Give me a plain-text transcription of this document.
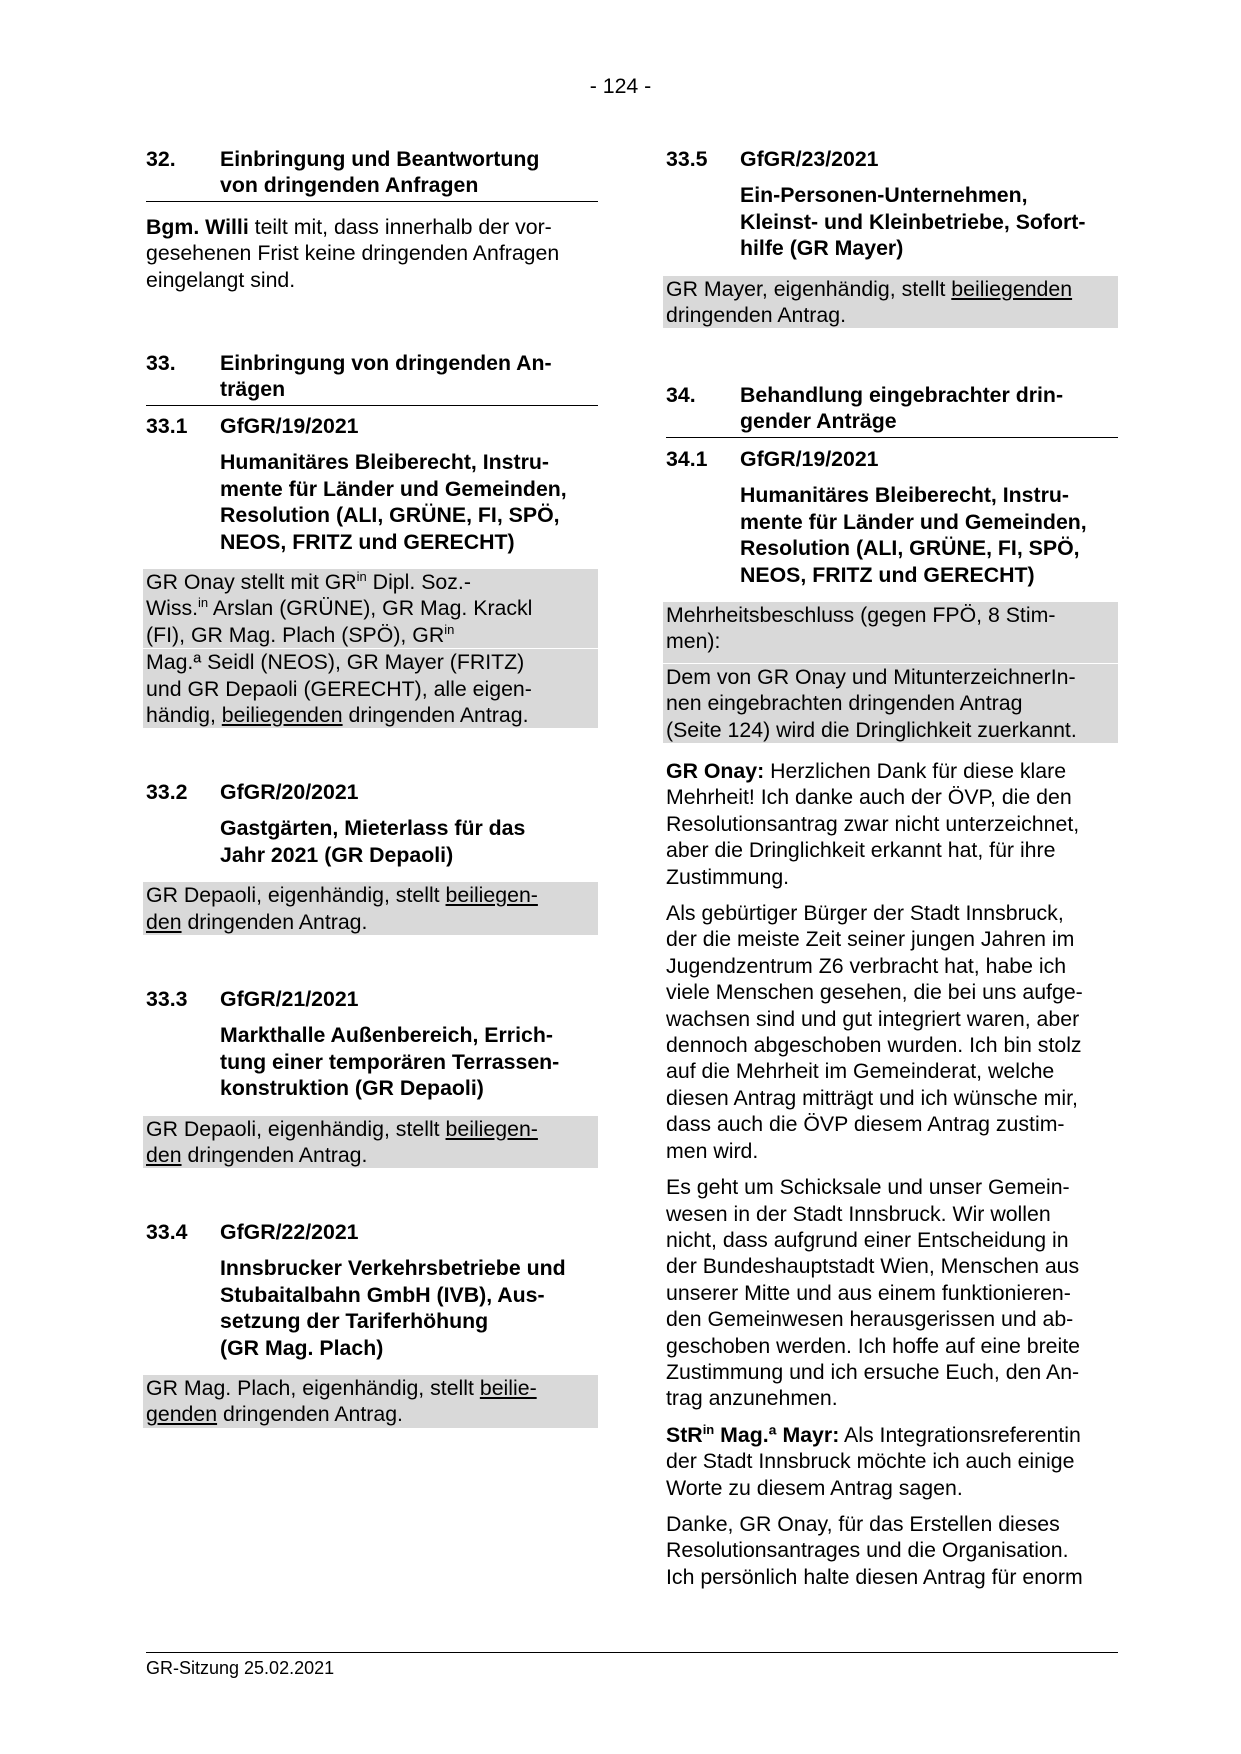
- 124 -
32.	Einbringung und Beantwortung
von dringenden Anfragen

Bgm. Willi teilt mit, dass innerhalb der vor-
gesehenen Frist keine dringenden Anfragen
eingelangt sind.

33.	Einbringung von dringenden An-
trägen
33.1	GfGR/19/2021
Humanitäres Bleiberecht, Instru-
mente für Länder und Gemeinden,
Resolution (ALI, GRÜNE, FI, SPÖ,
NEOS, FRITZ und GERECHT)
GR Onay stellt mit $GR^{in}$ Dipl. Soz.-
Wiss.$^{in}$ Arslan (GRÜNE), GR Mag. Krackl
(FI), GR Mag. Plach (SPÖ), $GR^{in}$
Mag.ª Seidl (NEOS), GR Mayer (FRITZ)
und GR Depaoli (GERECHT), alle eigen-
händig, beiliegenden dringenden Antrag.
33.2	GfGR/20/2021
Gastgärten, Mieterlass für das
Jahr 2021 (GR Depaoli)
GR Depaoli, eigenhändig, stellt beiliegen-
den dringenden Antrag.
33.3	GfGR/21/2021
Markthalle Außenbereich, Errich-
tung einer temporären Terrassen-
konstruktion (GR Depaoli)
GR Depaoli, eigenhändig, stellt beiliegen-
den dringenden Antrag.
33.4	GfGR/22/2021
Innsbrucker Verkehrsbetriebe und
Stubaitalbahn GmbH (IVB), Aus-
setzung der Tariferhöhung
(GR Mag. Plach)
GR Mag. Plach, eigenhändig, stellt beilie-
genden dringenden Antrag.
33.5	GfGR/23/2021
Ein-Personen-Unternehmen,
Kleinst- und Kleinbetriebe, Sofort-
hilfe (GR Mayer)
GR Mayer, eigenhändig, stellt beiliegenden
dringenden Antrag.
34.	Behandlung eingebrachter drin-
gender Anträge
34.1	GfGR/19/2021
Humanitäres Bleiberecht, Instru-
mente für Länder und Gemeinden,
Resolution (ALI, GRÜNE, FI, SPÖ,
NEOS, FRITZ und GERECHT)
Mehrheitsbeschluss (gegen FPÖ, 8 Stim-
men):
Dem von GR Onay und MitunterzeichnerIn-
nen eingebrachten dringenden Antrag
(Seite 124) wird die Dringlichkeit zuerkannt.

GR Onay: Herzlichen Dank für diese klare
Mehrheit! Ich danke auch der ÖVP, die den
Resolutionsantrag zwar nicht unterzeichnet,
aber die Dringlichkeit erkannt hat, für ihre
Zustimmung.

Als gebürtiger Bürger der Stadt Innsbruck,
der die meiste Zeit seiner jungen Jahren im
Jugendzentrum Z6 verbracht hat, habe ich
viele Menschen gesehen, die bei uns aufge-
wachsen sind und gut integriert waren, aber
dennoch abgeschoben wurden. Ich bin stolz
auf die Mehrheit im Gemeinderat, welche
diesen Antrag mitträgt und ich wünsche mir,
dass auch die ÖVP diesem Antrag zustim-
men wird.

Es geht um Schicksale und unser Gemein-
wesen in der Stadt Innsbruck. Wir wollen
nicht, dass aufgrund einer Entscheidung in
der Bundeshauptstadt Wien, Menschen aus
unserer Mitte und aus einem funktionieren-
den Gemeinwesen herausgerissen und ab-
geschoben werden. Ich hoffe auf eine breite
Zustimmung und ich ersuche Euch, den An-
trag anzunehmen.

StR$^{in}$ Mag.ª Mayr: Als Integrationsreferentin
der Stadt Innsbruck möchte ich auch einige
Worte zu diesem Antrag sagen.

Danke, GR Onay, für das Erstellen dieses
Resolutionsantrages und die Organisation.
Ich persönlich halte diesen Antrag für enorm

GR-Sitzung 25.02.2021
